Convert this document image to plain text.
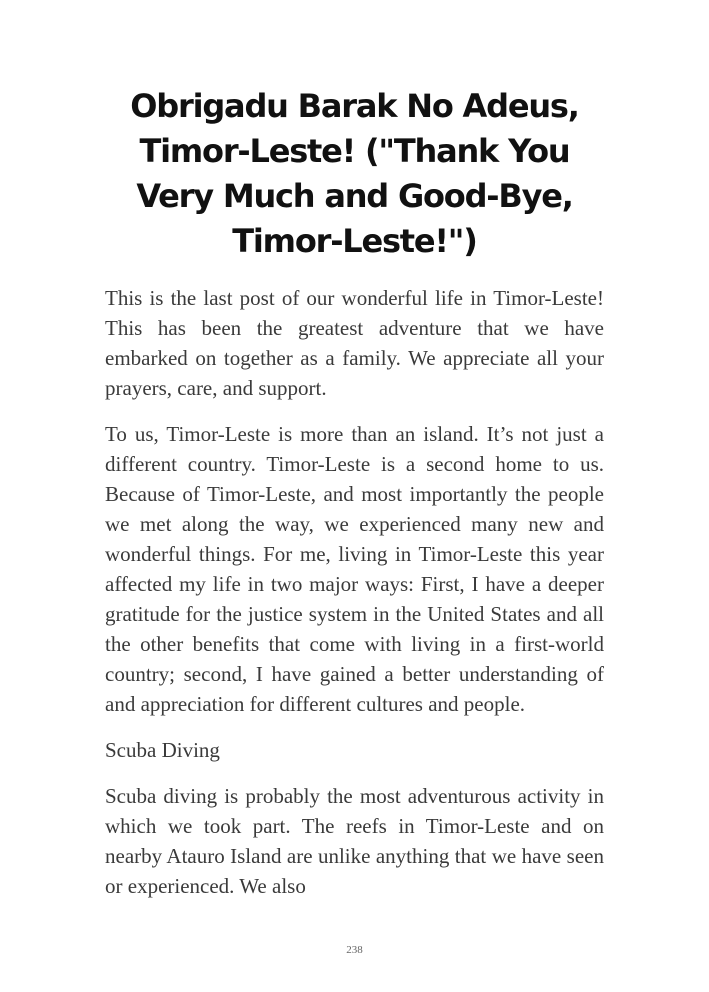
Obrigadu Barak No Adeus, Timor-Leste! ("Thank You Very Much and Good-Bye, Timor-Leste!")

This is the last post of our wonderful life in Timor-Leste! This has been the greatest adventure that we have embarked on together as a family. We appreciate all your prayers, care, and support.

To us, Timor-Leste is more than an island. It’s not just a different country. Timor-Leste is a second home to us. Because of Timor-Leste, and most importantly the people we met along the way, we experienced many new and wonderful things. For me, living in Timor-Leste this year affected my life in two major ways: First, I have a deeper gratitude for the justice system in the United States and all the other benefits that come with living in a first-world country; second, I have gained a better understanding of and appreciation for different cultures and people.

Scuba Diving

Scuba diving is probably the most adventurous activity in which we took part. The reefs in Timor-Leste and on nearby Atauro Island are unlike anything that we have seen or experienced. We also

238
